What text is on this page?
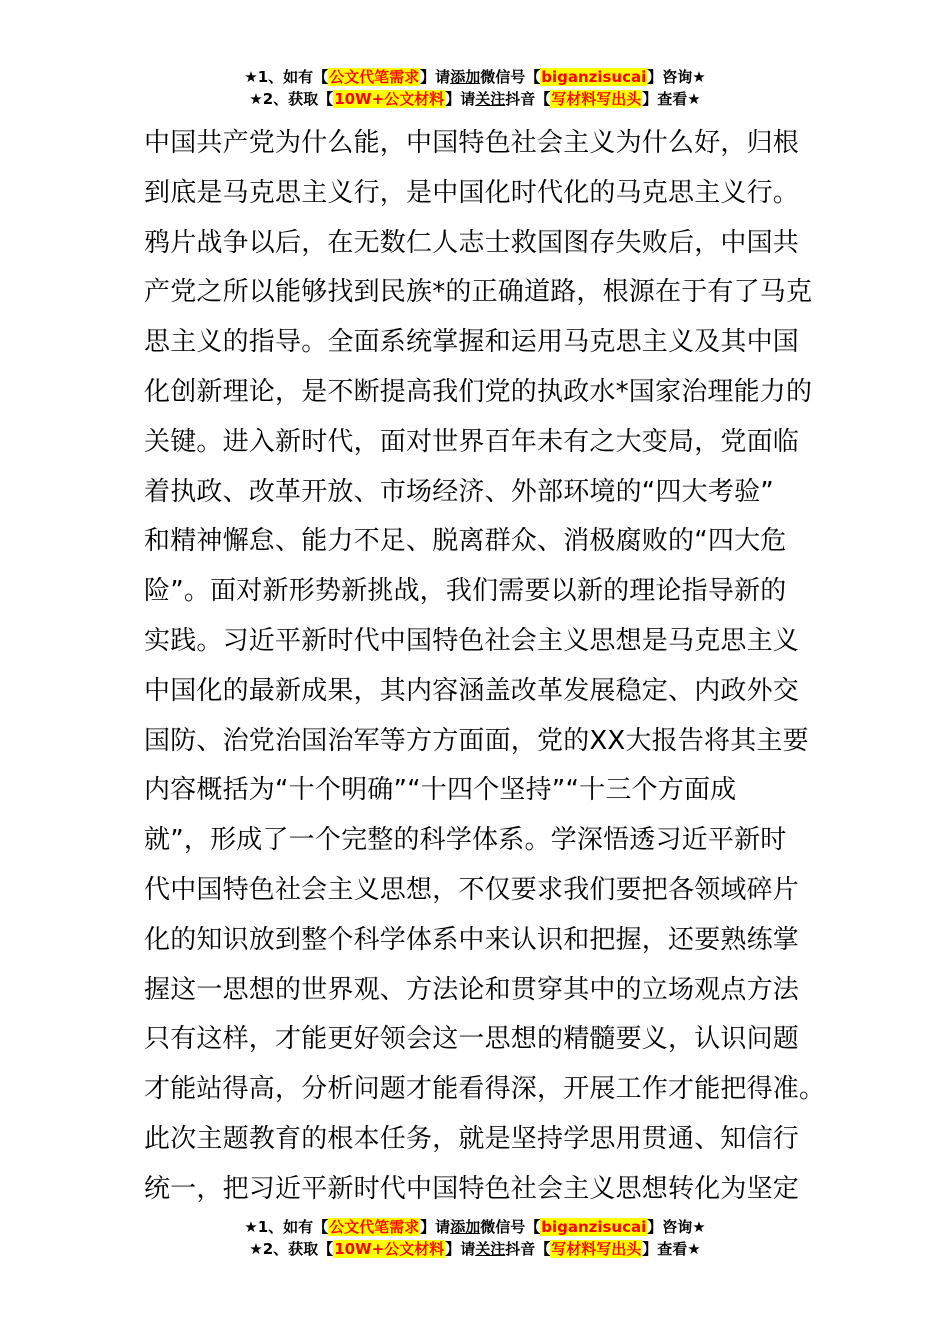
★1、如有【公文代笔需求】请添加微信号【biganzisucai】咨询★
★2、获取【10W+公文材料】请关注抖音【写材料写出头】查看★
中国共产党为什么能，中国特色社会主义为什么好，归根
到底是马克思主义行，是中国化时代化的马克思主义行。
鸦片战争以后，在无数仁人志士救国图存失败后，中国共
产党之所以能够找到民族*的正确道路，根源在于有了马克
思主义的指导。全面系统掌握和运用马克思主义及其中国
化创新理论，是不断提高我们党的执政水*国家治理能力的
关键。进入新时代，面对世界百年未有之大变局，党面临
着执政、改革开放、市场经济、外部环境的“四大考验”
和精神懈怠、能力不足、脱离群众、消极腐败的“四大危
险”。面对新形势新挑战，我们需要以新的理论指导新的
实践。习近平新时代中国特色社会主义思想是马克思主义
中国化的最新成果，其内容涵盖改革发展稳定、内政外交
国防、治党治国治军等方方面面，党的XX大报告将其主要
内容概括为“十个明确”“十四个坚持”“十三个方面成
就”，形成了一个完整的科学体系。学深悟透习近平新时
代中国特色社会主义思想，不仅要求我们要把各领域碎片
化的知识放到整个科学体系中来认识和把握，还要熟练掌
握这一思想的世界观、方法论和贯穿其中的立场观点方法
只有这样，才能更好领会这一思想的精髓要义，认识问题
才能站得高，分析问题才能看得深，开展工作才能把得准。
此次主题教育的根本任务，就是坚持学思用贯通、知信行
统一，把习近平新时代中国特色社会主义思想转化为坚定
★1、如有【公文代笔需求】请添加微信号【biganzisucai】咨询★
★2、获取【10W+公文材料】请关注抖音【写材料写出头】查看★
